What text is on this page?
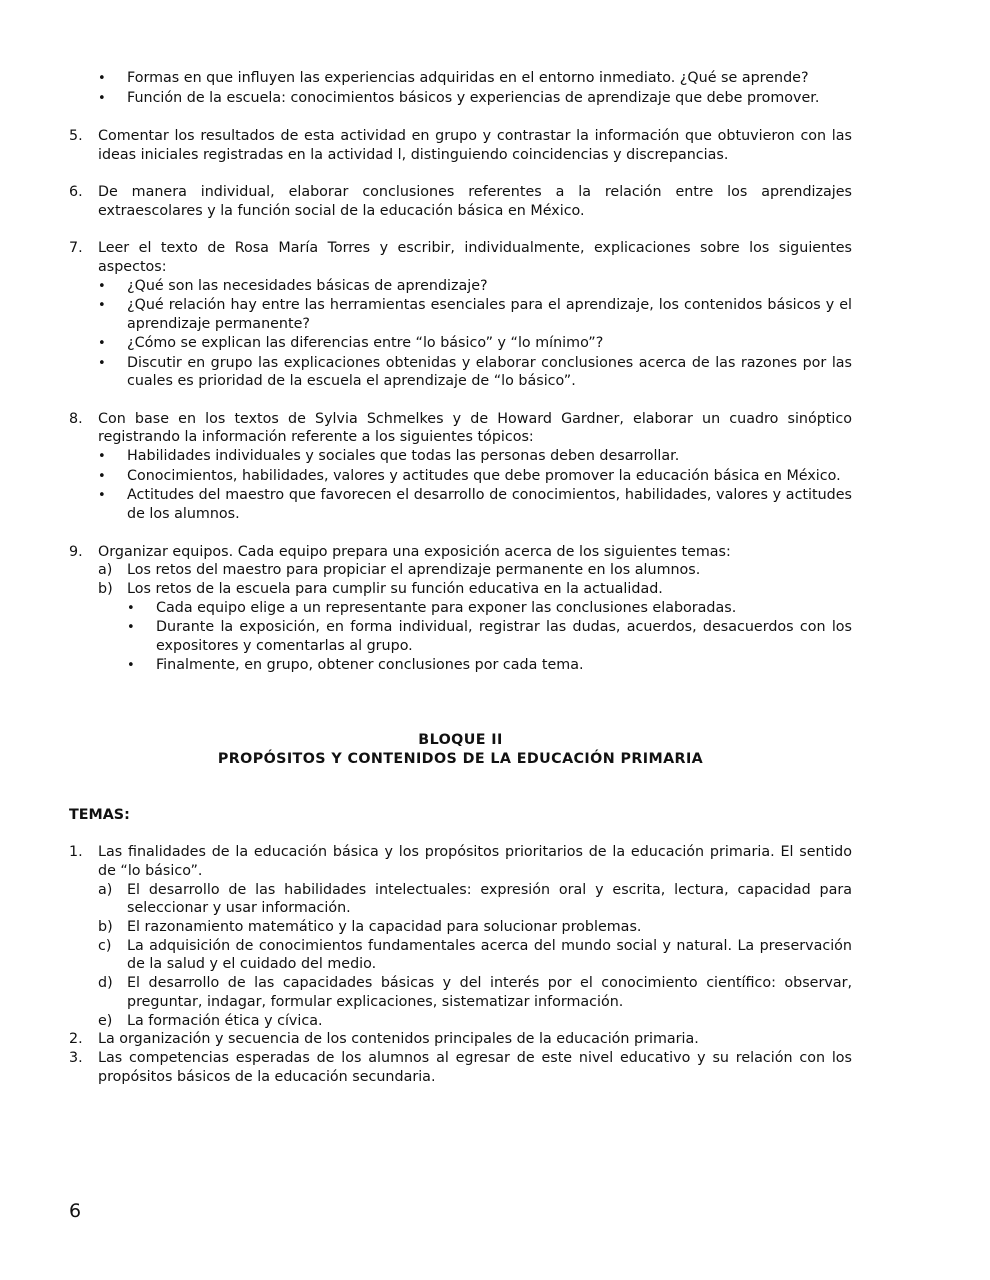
•	Formas en que influyen las experiencias adquiridas en el entorno inmediato. ¿Qué se aprende?
•	Función de la escuela: conocimientos básicos y experiencias de aprendizaje que debe promover.
5.	Comentar los resultados de esta actividad en grupo y contrastar la información que obtuvieron con las ideas iniciales registradas en la actividad l, distinguiendo coincidencias y discrepancias.
6.	De manera individual, elaborar conclusiones referentes a la relación entre los aprendizajes extraescolares y la función social de la educación básica en México.
7.	Leer el texto de Rosa María Torres y escribir, individualmente, explicaciones sobre los siguientes aspectos:
•	¿Qué son las necesidades básicas de aprendizaje?
•	¿Qué relación hay entre las herramientas esenciales para el aprendizaje, los contenidos básicos y el aprendizaje permanente?
•	¿Cómo se explican las diferencias entre “lo básico” y “lo mínimo”?
•	Discutir en grupo las explicaciones obtenidas y elaborar conclusiones acerca de las razones por las cuales es prioridad de la escuela el aprendizaje de “lo básico”.
8.	Con base en los textos de Sylvia Schmelkes y de Howard Gardner, elaborar un cuadro sinóptico registrando la información referente a los siguientes tópicos:
•	Habilidades individuales y sociales que todas las personas deben desarrollar.
•	Conocimientos, habilidades, valores y actitudes que debe promover la educación básica en México.
•	Actitudes del maestro que favorecen el desarrollo de conocimientos, habilidades, valores y actitudes de los alumnos.
9.	Organizar equipos. Cada equipo prepara una exposición acerca de los siguientes temas:
a)	Los retos del maestro para propiciar el aprendizaje permanente en los alumnos.
b)	Los retos de la escuela para cumplir su función educativa en la actualidad.
•	Cada equipo elige a un representante para exponer las conclusiones elaboradas.
•	Durante la exposición, en forma individual, registrar las dudas, acuerdos, desacuerdos con los expositores y comentarlas al grupo.
•	Finalmente, en grupo, obtener conclusiones por cada tema.
BLOQUE II
PROPÓSITOS Y CONTENIDOS DE LA EDUCACIÓN PRIMARIA
TEMAS:
1.	Las finalidades de la educación básica y los propósitos prioritarios de la educación primaria. El sentido de “lo básico”.
a)	El desarrollo de las habilidades intelectuales: expresión oral y escrita, lectura, capacidad para seleccionar y usar información.
b)	El razonamiento matemático y la capacidad para solucionar problemas.
c)	La adquisición de conocimientos fundamentales acerca del mundo social y natural. La preservación de la salud y el cuidado del medio.
d)	El desarrollo de las capacidades básicas y del interés por el conocimiento científico: observar, preguntar, indagar, formular explicaciones, sistematizar información.
e)	La formación ética y cívica.
2.	La organización y secuencia de los contenidos principales de la educación primaria.
3.	Las competencias esperadas de los alumnos al egresar de este nivel educativo y su relación con los propósitos básicos de la educación secundaria.
6
